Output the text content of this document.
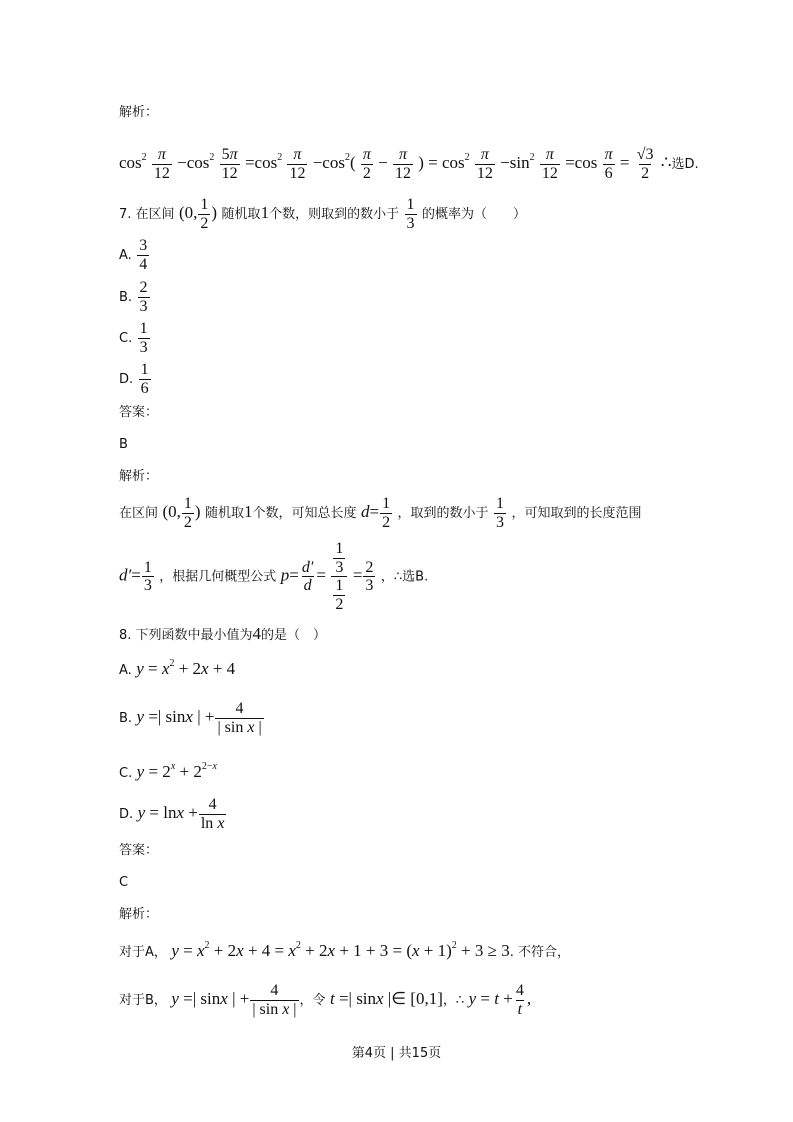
解析：
$\cos^2 \frac{\pi}{12} -\cos^2 \frac{5\pi}{12} =\cos^2 \frac{\pi}{12} -\cos^2( \frac{\pi}{2} - \frac{\pi}{12}$ ) = $\cos^2 \frac{\pi}{12} -\sin^2 \frac{\pi}{12} =\cos \frac{\pi}{6} = \frac{√3}{2}$ ∴选D.
7. 在区间 (0, $\frac{1}{2}$ ) 随机取1个数，则取到的数小于 $\frac{1}{3}$ 的概率为（　　）
A. $\frac{3}{4}$
B. $\frac{2}{3}$
C. $\frac{1}{3}$
D. $\frac{1}{6}$
答案：
B
解析：
在区间 (0, $\frac{1}{2}$ ) 随机取1个数，可知总长度 $d= \frac{1}{2}$ ，取到的数小于 $\frac{1}{3}$ ，可知取到的长度范围
$d'= \frac{1}{3}$ ，根据几何概型公式 $p= \frac{d'}{d} = \frac{\frac{1}{3}}{\frac{1}{2}} = \frac{2}{3}$ ，∴选B.
8. 下列函数中最小值为4的是（　）
A. $y = x^2 + 2x + 4$
B. y =| sinx | + $\frac{4}{\text{| sin x |}}$
C. $y = 2^x + 2^{2-x}$
D. $y = \ln x + \frac{4}{\text{ln x}}$
答案：
C
解析：
对于A， $y = x^2 + 2x + 4 = x^2 + 2x + 1 + 3 = (x + 1)^2 + 3 \ge 3$. 不符合，
对于B， y =| sinx | + $\frac{4}{\text{| sin x |}}$ ，令 t =| sinx |∈ [0,1]，∴ $y = t + \frac{4}{t}$ ,
第4页 | 共15页
